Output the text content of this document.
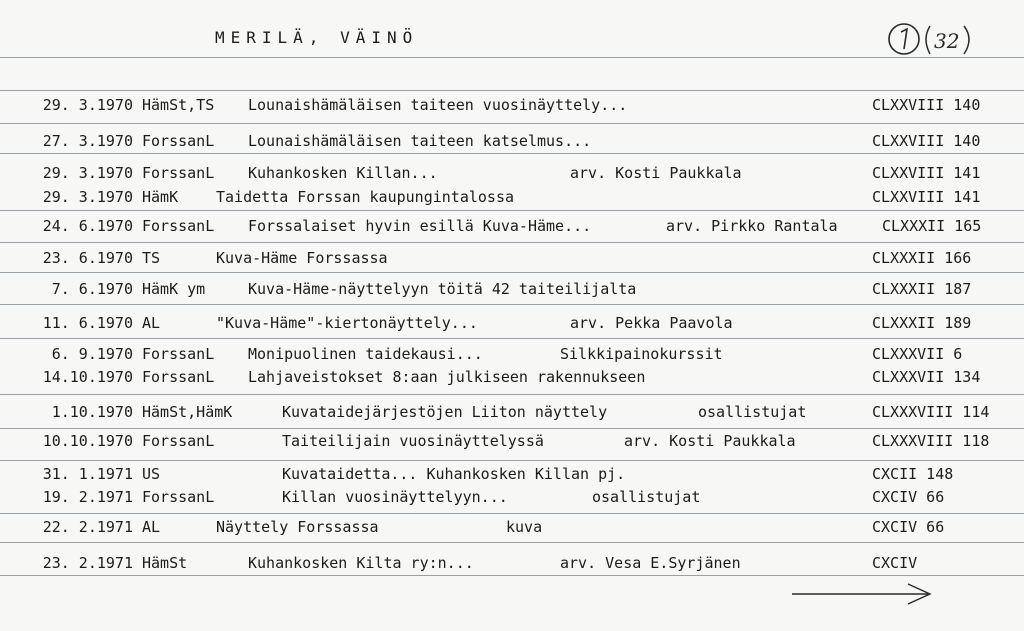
MERILÄ, VÄINÖ	32
29. 3.1970 HämSt,TS Lounaishämäläisen taiteen vuosinäyttely...	CLXXVIII 140
27. 3.1970 ForssanL Lounaishämäläisen taiteen katselmus...	CLXXVIII 140
29. 3.1970 ForssanL Kuhankosken Killan...	arv. Kosti Paukkala	CLXXVIII 141
29. 3.1970 HämK	Taidetta Forssan kaupungintalossa	CLXXVIII 141
24. 6.1970 ForssanL Forssalaiset hyvin esillä Kuva-Häme...	arv. Pirkko Rantala	CLXXXII 165
23. 6.1970 TS	Kuva-Häme Forssassa	CLXXXII 166
7. 6.1970 HämK ym	Kuva-Häme-näyttelyyn töitä 42 taiteilijalta	CLXXXII 187
11. 6.1970 AL	"Kuva-Häme"-kiertonäyttely...	arv. Pekka Paavola	CLXXXII 189
6. 9.1970 ForssanL Monipuolinen taidekausi...	Silkkipainokurssit	CLXXXVII 6
14.10.1970 ForssanL Lahjaveistokset 8:aan julkiseen rakennukseen	CLXXXVII 134
1.10.1970 HämSt,HämK	Kuvataidejärjestöjen Liiton näyttely	osallistujat	CLXXXVIII 114
10.10.1970 ForssanL	Taiteilijain vuosinäyttelyssä	arv. Kosti Paukkala	CLXXXVIII 118
31. 1.1971 US	Kuvataidetta... Kuhankosken Killan pj.	CXCII 148
19. 2.1971 ForssanL	Killan vuosinäyttelyyn...	osallistujat	CXCIV 66
22. 2.1971 AL	Näyttely Forssassa	kuva	CXCIV 66
23. 2.1971 HämSt	Kuhankosken Kilta ry:n...	arv. Vesa E.Syrjänen	CXCIV
